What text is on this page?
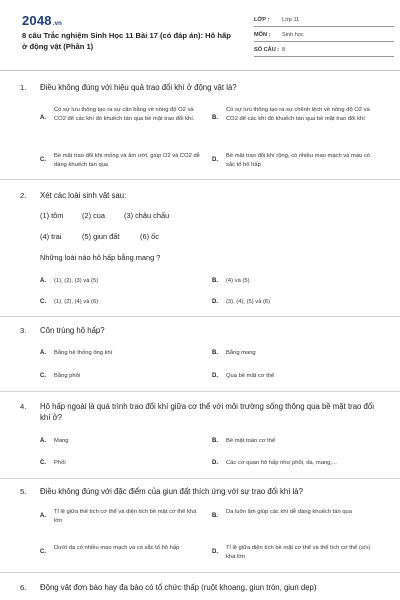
2048.vn
8 câu Trắc nghiệm Sinh Học 11 Bài 17 (có đáp án): Hô hấp ở động vật (Phần 1)
LỚP : Lớp 11
MÔN : Sinh học
SỐ CÂU : 8
1. Điều không đúng với hiệu quả trao đổi khí ở động vật là?
A.
Có sự lưu thông tạo ra sự cân bằng về nồng độ O2 và CO2 để các khí đó khuếch tán qua bề mặt trao đổi khí.	B.
Có sự lưu thông tạo ra sự chênh lệch về nồng độ O2 và CO2 để các khí đó khuếch tán qua bề mặt trao đổi khí
C.
Bề mặt trao đổi khí mỏng và ẩm ướt, giúp O2 và CO2 dễ dàng khuếch tán qua
D.
Bề mặt trao đổi khí rộng, có nhiều mao mạch và máu có sắc tố hô hấp
2. Xét các loài sinh vật sau:
(1) tôm	(2) cua	(3) châu chấu
(4) trai	(5) giun đất	(6) ốc
Những loài nào hô hấp bằng mang ?
A. (1), (2), (3) và (5)	B. (4) và (5)
C. (1), (2), (4) và (6)	D. (3), (4), (5) và (6)
3. Côn trùng hô hấp?
A. Bằng hệ thống ống khí	B. Bằng mang
C. Bằng phổi	D. Qua bề mặt cơ thể
4. Hô hấp ngoài là quá trình trao đổi khí giữa cơ thể với môi trường sống thông qua bề mặt trao đổi khí ở?
A. Mang	B. Bề mặt toàn cơ thể
C. Phổi	D. Các cơ quan hô hấp như phổi, da, mang,...
5. Điều không đúng với đặc điểm của giun đất thích ứng với sự trao đổi khí là?
A.
Tỉ lệ giữa thể tích cơ thể và diện tích bề mặt cơ thể khá lớn
B.
Da luôn ẩm giúp các khí dễ dàng khuếch tán qua
C.
Dưới da có nhiều mao mạch và có sắc tố hô hấp
D.
Tỉ lệ giữa diện tích bề mặt cơ thể và thể tích cơ thể (s/v) khá lớn
6. Động vật đơn bào hay đa bào có tổ chức thấp (ruột khoang, giun tròn, giun dẹp)
